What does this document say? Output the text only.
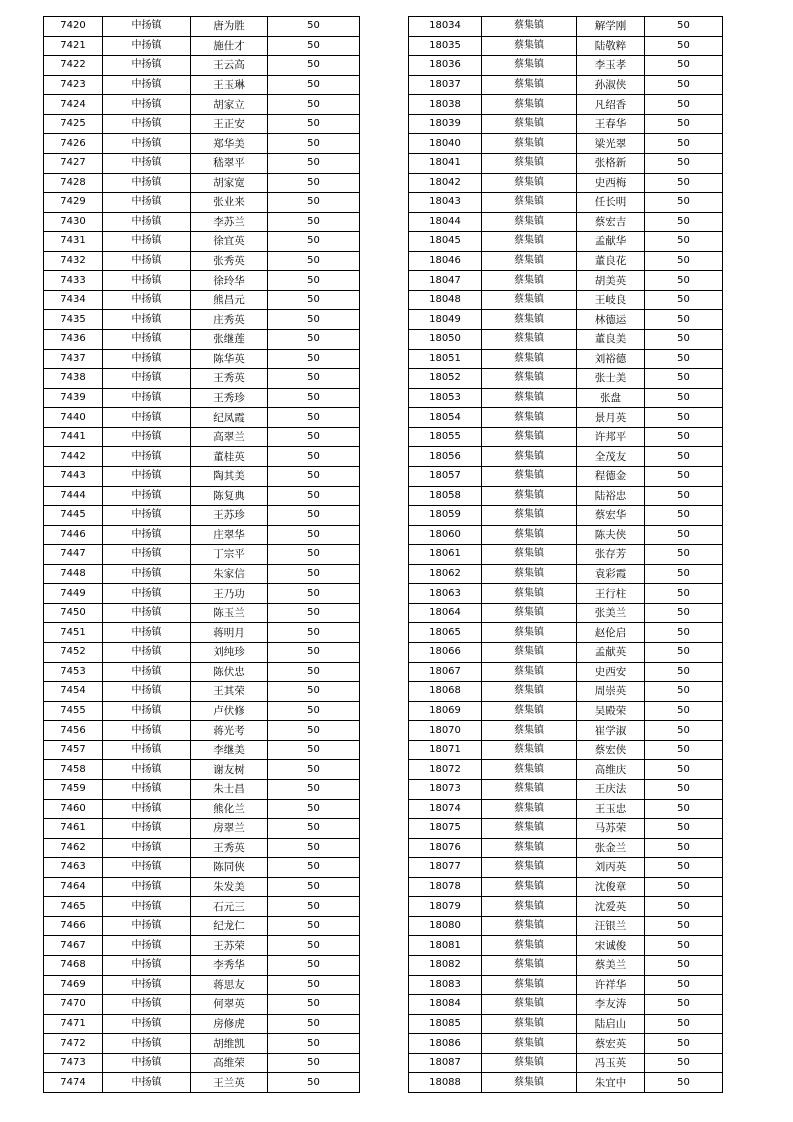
7420	中扬镇	唐为胜	50
7421	中扬镇	施仕才	50
7422	中扬镇	王云高	50
7423	中扬镇	王玉琳	50
7424	中扬镇	胡家立	50
7425	中扬镇	王正安	50
7426	中扬镇	郑华美	50
7427	中扬镇	嵇翠平	50
7428	中扬镇	胡家宽	50
7429	中扬镇	张业来	50
7430	中扬镇	李苏兰	50
7431	中扬镇	徐宜英	50
7432	中扬镇	张秀英	50
7433	中扬镇	徐玲华	50
7434	中扬镇	熊昌元	50
7435	中扬镇	庄秀英	50
7436	中扬镇	张继莲	50
7437	中扬镇	陈华英	50
7438	中扬镇	王秀英	50
7439	中扬镇	王秀珍	50
7440	中扬镇	纪凤霞	50
7441	中扬镇	高翠兰	50
7442	中扬镇	董桂英	50
7443	中扬镇	陶其美	50
7444	中扬镇	陈复典	50
7445	中扬镇	王苏珍	50
7446	中扬镇	庄翠华	50
7447	中扬镇	丁宗平	50
7448	中扬镇	朱家信	50
7449	中扬镇	王乃功	50
7450	中扬镇	陈玉兰	50
7451	中扬镇	蒋明月	50
7452	中扬镇	刘纯珍	50
7453	中扬镇	陈伏忠	50
7454	中扬镇	王其荣	50
7455	中扬镇	卢伏修	50
7456	中扬镇	蒋光考	50
7457	中扬镇	李继美	50
7458	中扬镇	谢友树	50
7459	中扬镇	朱士昌	50
7460	中扬镇	熊化兰	50
7461	中扬镇	房翠兰	50
7462	中扬镇	王秀英	50
7463	中扬镇	陈同俠	50
7464	中扬镇	朱发美	50
7465	中扬镇	石元三	50
7466	中扬镇	纪龙仁	50
7467	中扬镇	王苏荣	50
7468	中扬镇	李秀华	50
7469	中扬镇	蒋思友	50
7470	中扬镇	何翠英	50
7471	中扬镇	房修虎	50
7472	中扬镇	胡维凯	50
7473	中扬镇	高维荣	50
7474	中扬镇	王兰英	50
18034	蔡集镇	解学刚	50
18035	蔡集镇	陆敬粹	50
18036	蔡集镇	李玉孝	50
18037	蔡集镇	孙淑侠	50
18038	蔡集镇	凡绍香	50
18039	蔡集镇	王春华	50
18040	蔡集镇	梁光翠	50
18041	蔡集镇	张格新	50
18042	蔡集镇	史西梅	50
18043	蔡集镇	任长明	50
18044	蔡集镇	蔡宏吉	50
18045	蔡集镇	孟献华	50
18046	蔡集镇	董良花	50
18047	蔡集镇	胡美英	50
18048	蔡集镇	王岐良	50
18049	蔡集镇	林德运	50
18050	蔡集镇	董良美	50
18051	蔡集镇	刘裕德	50
18052	蔡集镇	张士美	50
18053	蔡集镇	张盘	50
18054	蔡集镇	景月英	50
18055	蔡集镇	许邦平	50
18056	蔡集镇	全茂友	50
18057	蔡集镇	程德金	50
18058	蔡集镇	陆裕忠	50
18059	蔡集镇	蔡宏华	50
18060	蔡集镇	陈夫侠	50
18061	蔡集镇	张存芳	50
18062	蔡集镇	袁彩霞	50
18063	蔡集镇	王行柱	50
18064	蔡集镇	张美兰	50
18065	蔡集镇	赵伦启	50
18066	蔡集镇	孟献英	50
18067	蔡集镇	史西安	50
18068	蔡集镇	周崇英	50
18069	蔡集镇	吴殿荣	50
18070	蔡集镇	崔学淑	50
18071	蔡集镇	蔡宏侠	50
18072	蔡集镇	高维庆	50
18073	蔡集镇	王庆法	50
18074	蔡集镇	王玉忠	50
18075	蔡集镇	马苏荣	50
18076	蔡集镇	张金兰	50
18077	蔡集镇	刘丙英	50
18078	蔡集镇	沈俊章	50
18079	蔡集镇	沈爱英	50
18080	蔡集镇	汪银兰	50
18081	蔡集镇	宋诚俊	50
18082	蔡集镇	蔡美兰	50
18083	蔡集镇	许祥华	50
18084	蔡集镇	李友涛	50
18085	蔡集镇	陆启山	50
18086	蔡集镇	蔡宏英	50
18087	蔡集镇	冯玉英	50
18088	蔡集镇	朱宜中	50
